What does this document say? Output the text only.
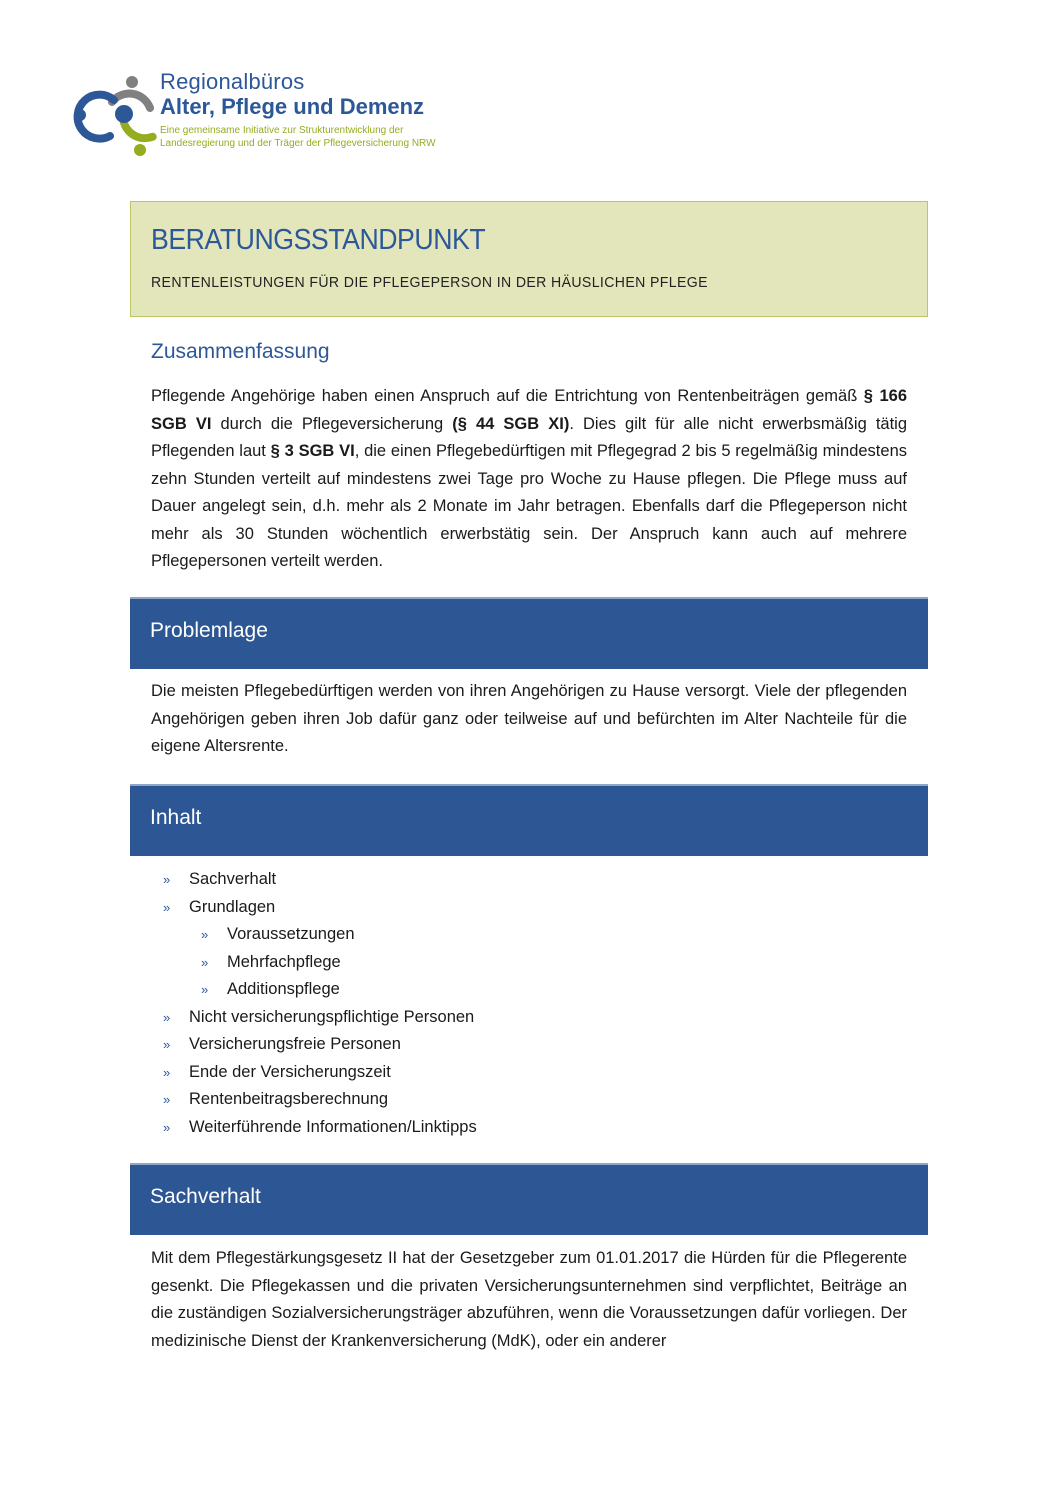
Regionalbüros
Alter, Pflege und Demenz
Eine gemeinsame Initiative zur Strukturentwicklung der
Landesregierung und der Träger der Pflegeversicherung NRW
BERATUNGSSTANDPUNKT
RENTENLEISTUNGEN FÜR DIE PFLEGEPERSON IN DER HÄUSLICHEN PFLEGE
Zusammenfassung

Pflegende Angehörige haben einen Anspruch auf die Entrichtung von Rentenbeiträgen gemäß § 166 SGB VI durch die Pflegeversicherung (§ 44 SGB XI). Dies gilt für alle nicht erwerbsmäßig tätig Pflegenden laut § 3 SGB VI, die einen Pflegebedürftigen mit Pflegegrad 2 bis 5 regelmäßig mindestens zehn Stunden verteilt auf mindestens zwei Tage pro Woche zu Hause pflegen. Die Pflege muss auf Dauer angelegt sein, d.h. mehr als 2 Monate im Jahr betragen. Ebenfalls darf die Pflegeperson nicht mehr als 30 Stunden wöchentlich erwerbstätig sein. Der Anspruch kann auch auf mehrere Pflegepersonen verteilt werden.

Problemlage

Die meisten Pflegebedürftigen werden von ihren Angehörigen zu Hause versorgt. Viele der pflegenden Angehörigen geben ihren Job dafür ganz oder teilweise auf und befürchten im Alter Nachteile für die eigene Altersrente.

Inhalt
»	Sachverhalt
»	Grundlagen
»	Voraussetzungen
»	Mehrfachpflege
»	Additionspflege
»	Nicht versicherungspflichtige Personen
»	Versicherungsfreie Personen
»	Ende der Versicherungszeit
»	Rentenbeitragsberechnung
»	Weiterführende Informationen/Linktipps
Sachverhalt

Mit dem Pflegestärkungsgesetz II hat der Gesetzgeber zum 01.01.2017 die Hürden für die Pflegerente gesenkt. Die Pflegekassen und die privaten Versicherungsunternehmen sind verpflichtet, Beiträge an die zuständigen Sozialversicherungsträger abzuführen, wenn die Voraussetzungen dafür vorliegen. Der medizinische Dienst der Krankenversicherung (MdK), oder ein anderer
